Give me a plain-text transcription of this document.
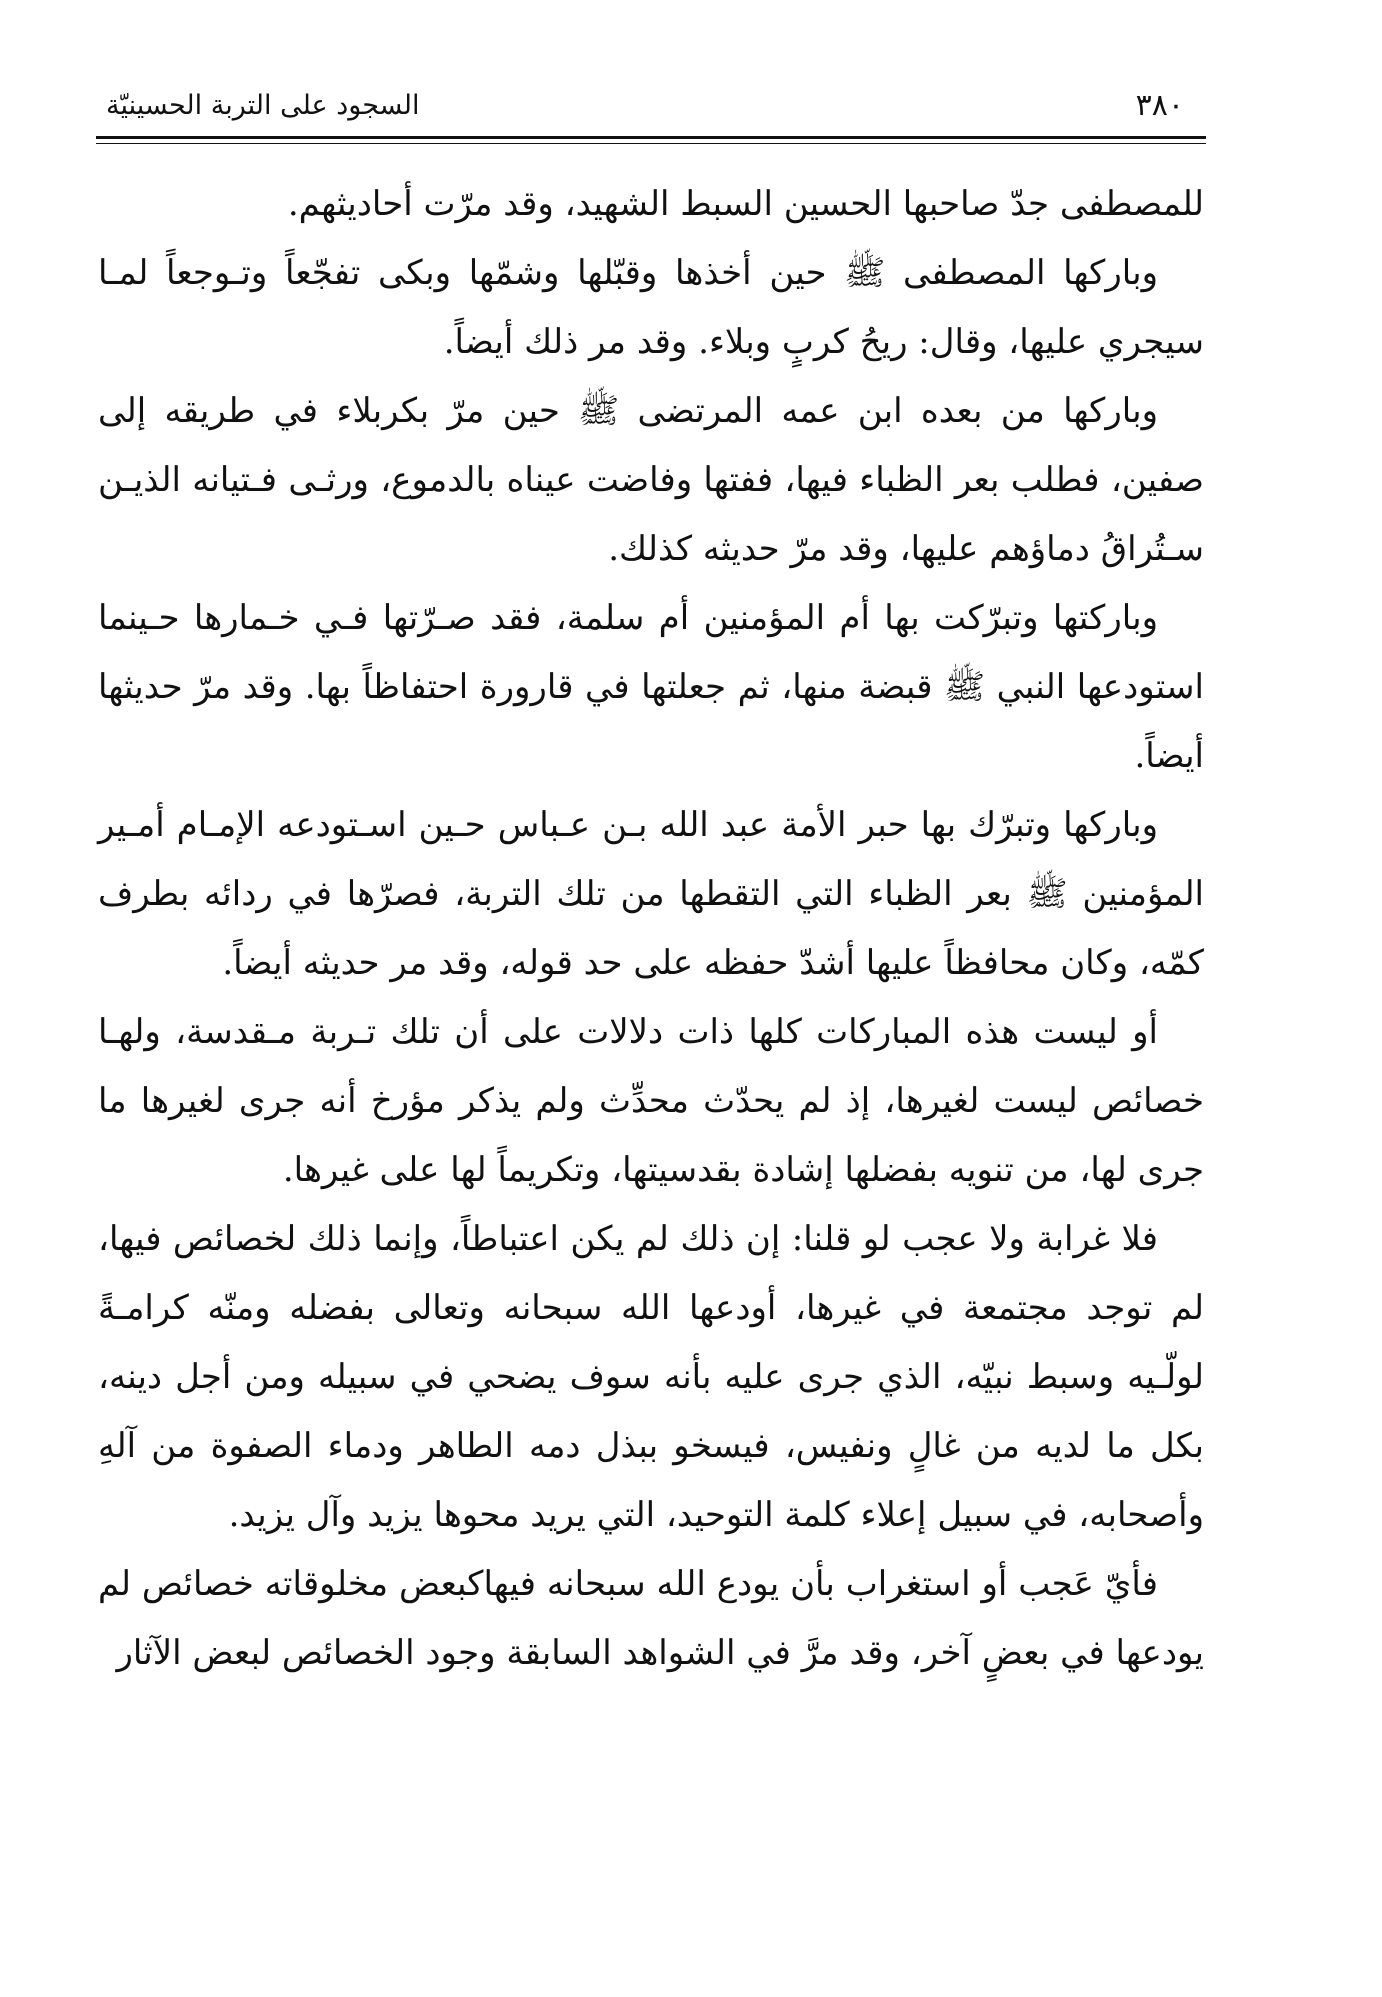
٣٨٠
السجود على التربة الحسينيّة

للمصطفى جدّ صاحبها الحسين السبط الشهيد، وقد مرّت أحاديثهم.

وباركها المصطفى ﷺ حين أخذها وقبّلها وشمّها وبكى تفجّعاً وتـوجعاً لمـا سيجري عليها، وقال: ريحُ كربٍ وبلاء. وقد مر ذلك أيضاً.

وباركها من بعده ابن عمه المرتضى ﷺ حين مرّ بكربلاء في طريقه إلى صفين، فطلب بعر الظباء فيها، ففتها وفاضت عيناه بالدموع، ورثـى فـتيانه الذيـن سـتُراقُ دماؤهم عليها، وقد مرّ حديثه كذلك.

وباركتها وتبرّكت بها أم المؤمنين أم سلمة، فقد صـرّتها فـي خـمارها حـينما استودعها النبي ﷺ قبضة منها، ثم جعلتها في قارورة احتفاظاً بها. وقد مرّ حديثها أيضاً.

وباركها وتبرّك بها حبر الأمة عبد الله بـن عـباس حـين اسـتودعه الإمـام أمـير المؤمنين ﷺ بعر الظباء التي التقطها من تلك التربة، فصرّها في ردائه بطرف كمّه، وكان محافظاً عليها أشدّ حفظه على حد قوله، وقد مر حديثه أيضاً.

أو ليست هذه المباركات كلها ذات دلالات على أن تلك تـربة مـقدسة، ولهـا خصائص ليست لغيرها، إذ لم يحدّث محدِّث ولم يذكر مؤرخ أنه جرى لغيرها ما جرى لها، من تنويه بفضلها إشادة بقدسيتها، وتكريماً لها على غيرها.

فلا غرابة ولا عجب لو قلنا: إن ذلك لم يكن اعتباطاً، وإنما ذلك لخصائص فيها، لم توجد مجتمعة في غيرها، أودعها الله سبحانه وتعالى بفضله ومنّه كرامـةً لولّـيه وسبط نبيّه، الذي جرى عليه بأنه سوف يضحي في سبيله ومن أجل دينه، بكل ما لديه من غالٍ ونفيس، فيسخو ببذل دمه الطاهر ودماء الصفوة من آلهِ وأصحابه، في سبيل إعلاء كلمة التوحيد، التي يريد محوها يزيد وآل يزيد.

فأيّ عَجب أو استغراب بأن يودع الله سبحانه فيهاكبعض مخلوقاته خصائص لم يودعها في بعضٍ آخر، وقد مرَّ في الشواهد السابقة وجود الخصائص لبعض الآثار
